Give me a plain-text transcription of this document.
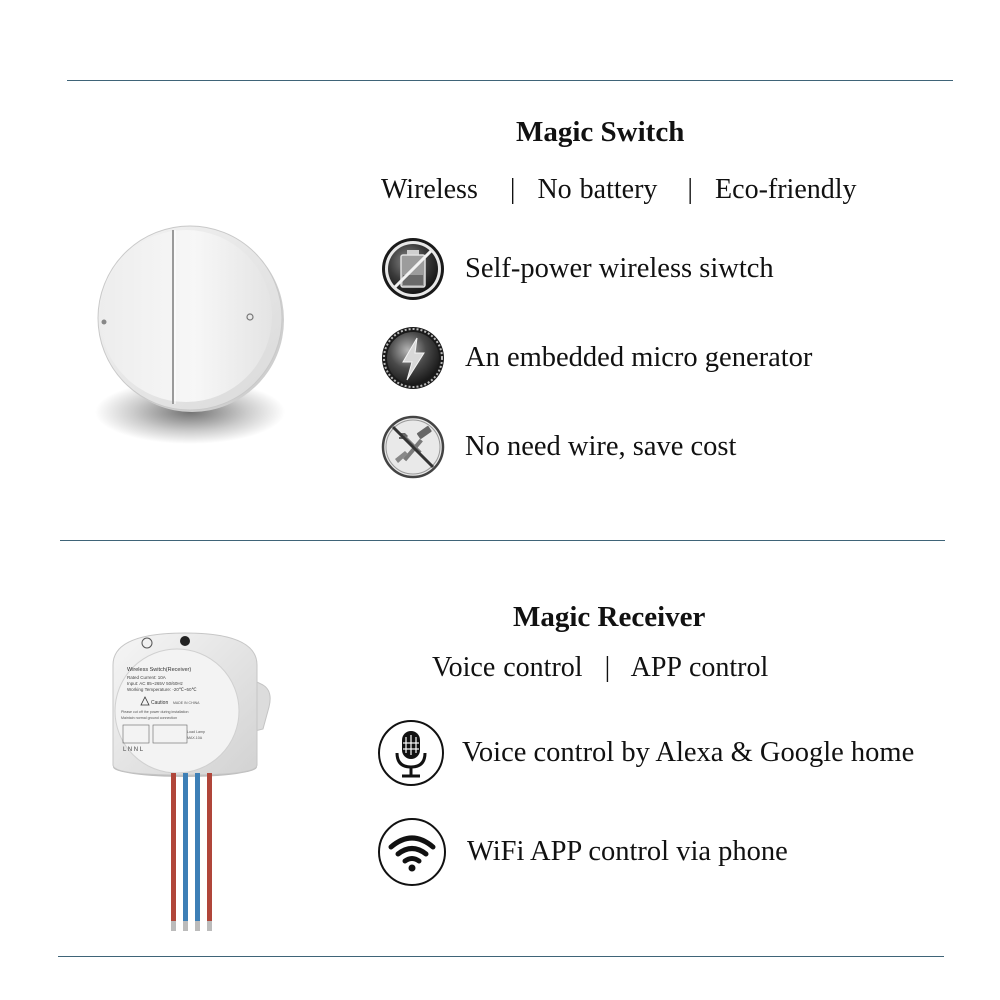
Magic Switch
Wireless | No battery | Eco-friendly
Self-power wireless siwtch
An embedded micro generator
No need wire, save cost
Wireless Switch(Receiver)
Rated Current: 10A
Input: AC 85~265V 50/60Hz
Working Temperature: -20℃~50℃
Caution MADE IN CHINA
Please cut off the power during installation
Maintain normal ground connection
Load Lamp
MAX.10A
L N N L
Magic Receiver
Voice control | APP control
Voice control by Alexa & Google home
WiFi APP control via phone
